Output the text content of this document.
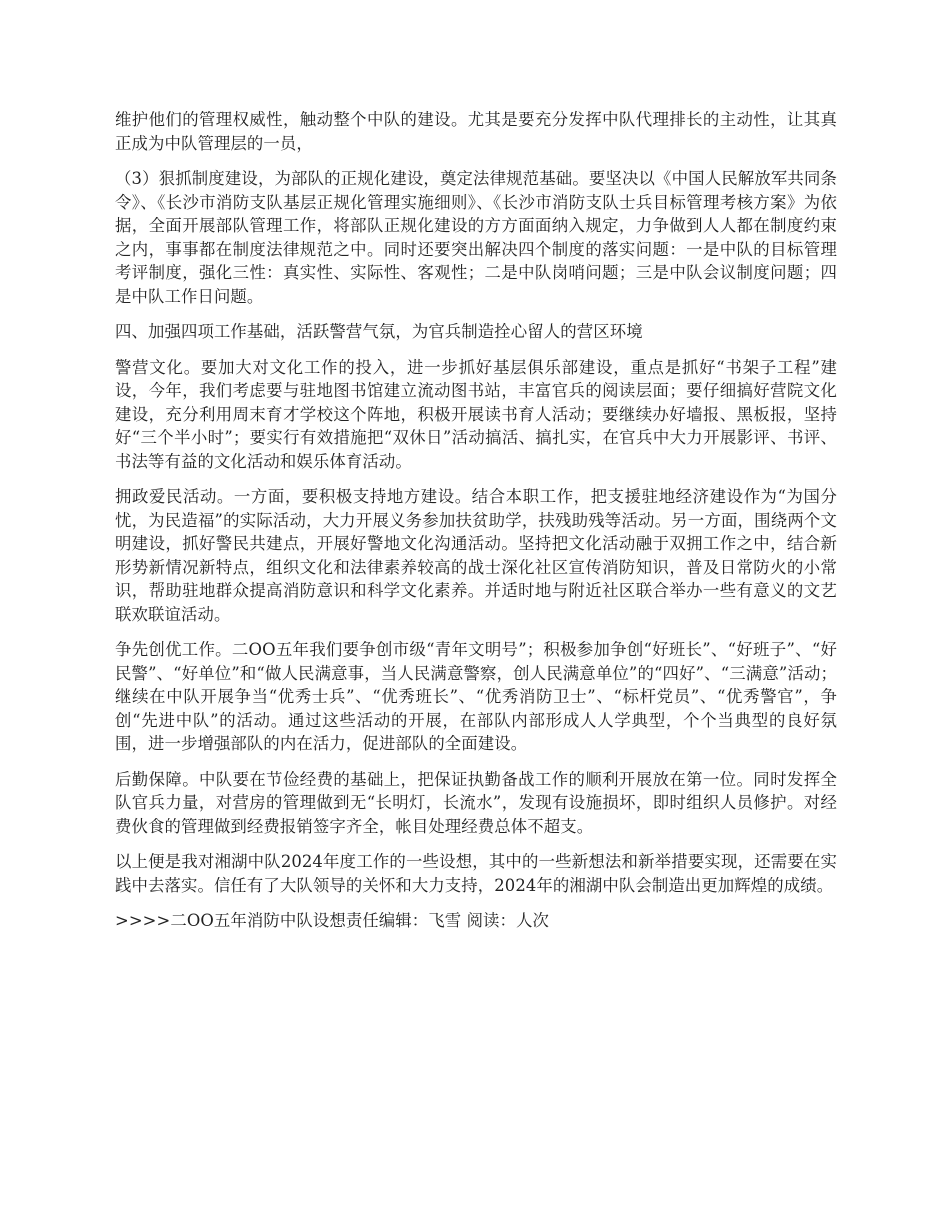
维护他们的管理权威性，触动整个中队的建设。尤其是要充分发挥中队代理排长的主动性，让其真正成为中队管理层的一员，

（3）狠抓制度建设，为部队的正规化建设，奠定法律规范基础。要坚决以《中国人民解放军共同条令》、《长沙市消防支队基层正规化管理实施细则》、《长沙市消防支队士兵目标管理考核方案》为依据，全面开展部队管理工作，将部队正规化建设的方方面面纳入规定，力争做到人人都在制度约束之内，事事都在制度法律规范之中。同时还要突出解决四个制度的落实问题：一是中队的目标管理考评制度，强化三性：真实性、实际性、客观性；二是中队岗哨问题；三是中队会议制度问题；四是中队工作日问题。

四、加强四项工作基础，活跃警营气氛，为官兵制造拴心留人的营区环境

警营文化。要加大对文化工作的投入，进一步抓好基层俱乐部建设，重点是抓好“书架子工程”建设，今年，我们考虑要与驻地图书馆建立流动图书站，丰富官兵的阅读层面；要仔细搞好营院文化建设，充分利用周末育才学校这个阵地，积极开展读书育人活动；要继续办好墙报、黑板报，坚持好“三个半小时”；要实行有效措施把“双休日”活动搞活、搞扎实，在官兵中大力开展影评、书评、书法等有益的文化活动和娱乐体育活动。

拥政爱民活动。一方面，要积极支持地方建设。结合本职工作，把支援驻地经济建设作为“为国分忧，为民造福”的实际活动，大力开展义务参加扶贫助学，扶残助残等活动。另一方面，围绕两个文明建设，抓好警民共建点，开展好警地文化沟通活动。坚持把文化活动融于双拥工作之中，结合新形势新情况新特点，组织文化和法律素养较高的战士深化社区宣传消防知识，普及日常防火的小常识，帮助驻地群众提高消防意识和科学文化素养。并适时地与附近社区联合举办一些有意义的文艺联欢联谊活动。

争先创优工作。二OO五年我们要争创市级“青年文明号”；积极参加争创“好班长”、“好班子”、“好民警”、“好单位”和“做人民满意事，当人民满意警察，创人民满意单位”的“四好”、“三满意”活动；继续在中队开展争当“优秀士兵”、“优秀班长”、“优秀消防卫士”、“标杆党员”、“优秀警官”，争创“先进中队”的活动。通过这些活动的开展，在部队内部形成人人学典型，个个当典型的良好氛围，进一步增强部队的内在活力，促进部队的全面建设。

后勤保障。中队要在节俭经费的基础上，把保证执勤备战工作的顺利开展放在第一位。同时发挥全队官兵力量，对营房的管理做到无“长明灯，长流水”，发现有设施损坏，即时组织人员修护。对经费伙食的管理做到经费报销签字齐全，帐目处理经费总体不超支。

以上便是我对湘湖中队2024年度工作的一些设想，其中的一些新想法和新举措要实现，还需要在实践中去落实。信任有了大队领导的关怀和大力支持，2024年的湘湖中队会制造出更加辉煌的成绩。

>>>>二OO五年消防中队设想责任编辑：飞雪 阅读：人次
